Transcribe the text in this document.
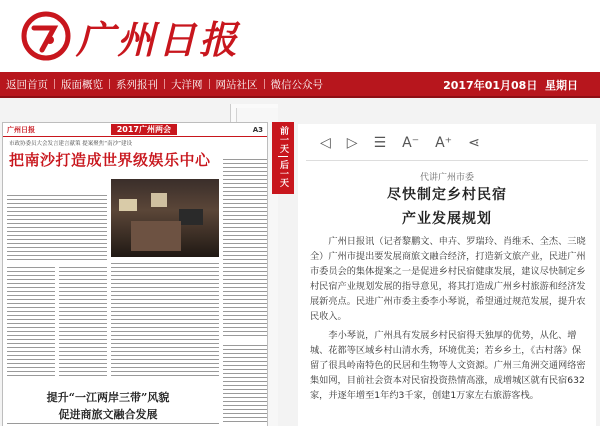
广州日报
返回首页	版面概览	系列报刊	大洋网	网站社区	微信公众号	2017年01月08日 星期日
广州日报	2017广州两会	A3
市政协委员大会发言建言献策 提案聚焦“南沙”建设
把南沙打造成世界级娱乐中心
提升“一江两岸三带”风貌
促进商旅文融合发展
前一天
后一天
◁ ▷ ☰ A⁻ A⁺ ⋖
代讲广州市委
尽快制定乡村民宿
产业发展规划

广州日报讯（记者黎鹏文、申卉、罗瑞玲、肖维禾、全杰、三晓全）广州市提出要发展商旅文融合经济，打造新文旅产业，民进广州市委员会的集体提案之一是促进乡村民宿健康发展，建议尽快制定乡村民宿产业规划发展的指导意见，将其打造成广州乡村旅游和经济发展新亮点。民进广州市委主委李小琴说，希望通过规范发展，提升农民收入。

李小琴说，广州具有发展乡村民宿得天独厚的优势，从化、增城、花都等区域乡村山清水秀，环境优美；若乡乡土，《古村落》保留了很具岭南特色的民居和生物等人文资源。广州三角洲交通网络密集如网，目前社会资本对民宿投资热情高涨，成增城区就有民宿632家，并逐年增至1年约3千家，创建1万家左右旅游客栈。
